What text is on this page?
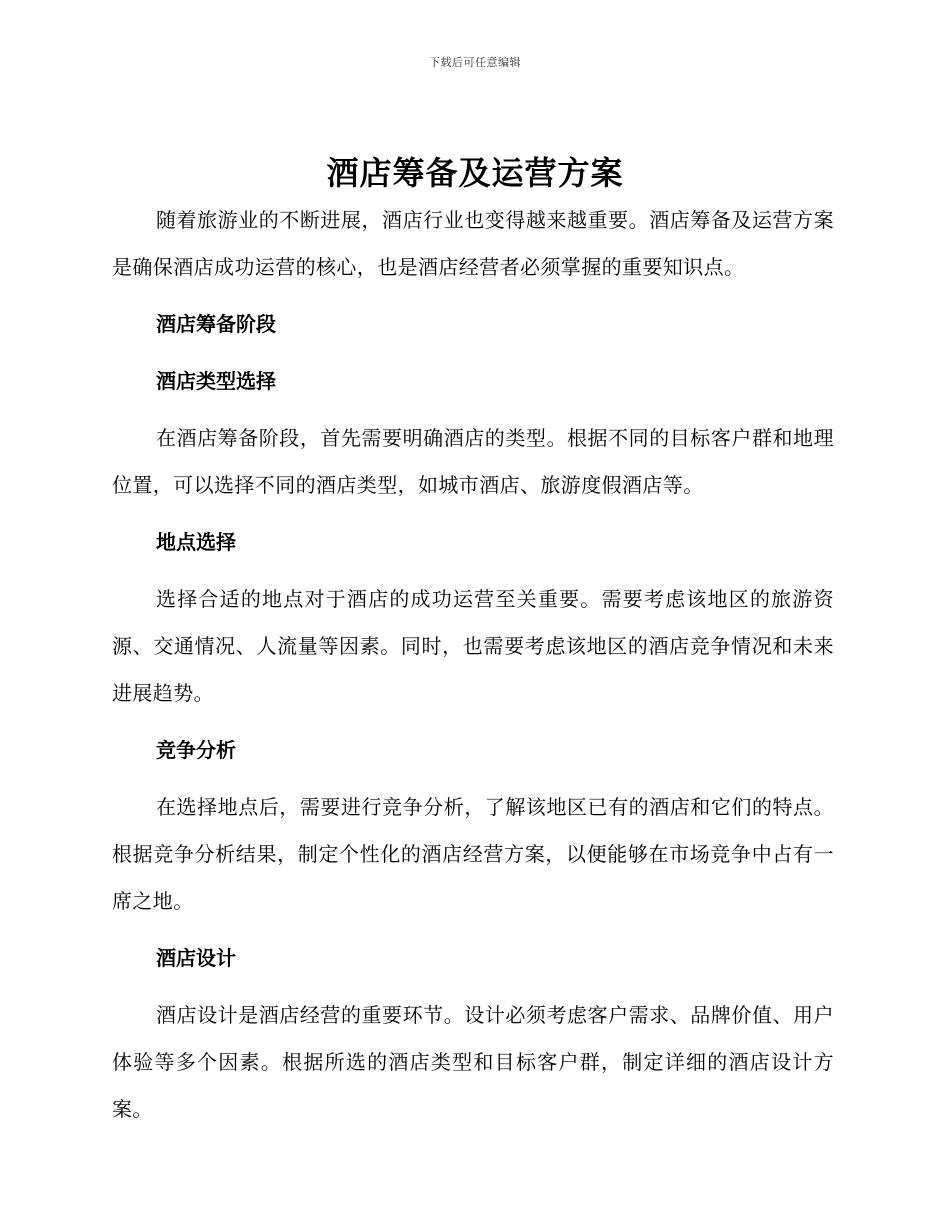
下载后可任意编辑
酒店筹备及运营方案

随着旅游业的不断进展，酒店行业也变得越来越重要。酒店筹备及运营方案是确保酒店成功运营的核心，也是酒店经营者必须掌握的重要知识点。

酒店筹备阶段
酒店类型选择

在酒店筹备阶段，首先需要明确酒店的类型。根据不同的目标客户群和地理位置，可以选择不同的酒店类型，如城市酒店、旅游度假酒店等。

地点选择

选择合适的地点对于酒店的成功运营至关重要。需要考虑该地区的旅游资源、交通情况、人流量等因素。同时，也需要考虑该地区的酒店竞争情况和未来进展趋势。

竞争分析

在选择地点后，需要进行竞争分析，了解该地区已有的酒店和它们的特点。根据竞争分析结果，制定个性化的酒店经营方案，以便能够在市场竞争中占有一席之地。

酒店设计

酒店设计是酒店经营的重要环节。设计必须考虑客户需求、品牌价值、用户体验等多个因素。根据所选的酒店类型和目标客户群，制定详细的酒店设计方案。
